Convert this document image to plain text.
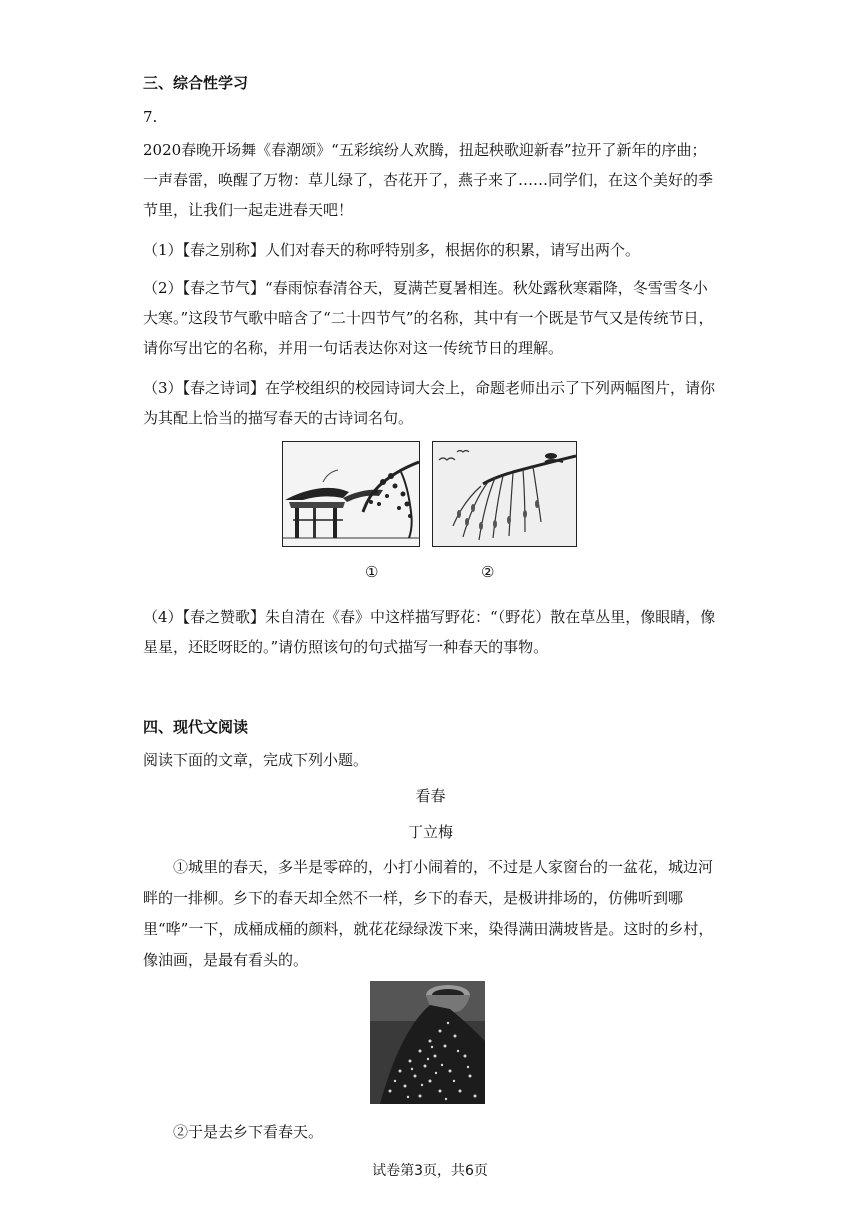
三、综合性学习
7.
2020春晚开场舞《春潮颂》“五彩缤纷人欢腾，扭起秧歌迎新春”拉开了新年的序曲；一声春雷，唤醒了万物：草儿绿了，杏花开了，燕子来了……同学们，在这个美好的季节里，让我们一起走进春天吧！
（1）【春之别称】人们对春天的称呼特别多，根据你的积累，请写出两个。
（2）【春之节气】“春雨惊春清谷天，夏满芒夏暑相连。秋处露秋寒霜降，冬雪雪冬小大寒。”这段节气歌中暗含了“二十四节气”的名称，其中有一个既是节气又是传统节日，请你写出它的名称，并用一句话表达你对这一传统节日的理解。
（3）【春之诗词】在学校组织的校园诗词大会上，命题老师出示了下列两幅图片，请你为其配上恰当的描写春天的古诗词名句。
①	②
（4）【春之赞歌】朱自清在《春》中这样描写野花：“（野花）散在草丛里，像眼睛，像星星，还眨呀眨的。”请仿照该句的句式描写一种春天的事物。
四、现代文阅读
阅读下面的文章，完成下列小题。
看春
丁立梅
①城里的春天，多半是零碎的，小打小闹着的，不过是人家窗台的一盆花，城边河畔的一排柳。乡下的春天却全然不一样，乡下的春天，是极讲排场的，仿佛听到哪里“哗”一下，成桶成桶的颜料，就花花绿绿泼下来，染得满田满坡皆是。这时的乡村，像油画，是最有看头的。
②于是去乡下看春天。
试卷第3页，共6页
